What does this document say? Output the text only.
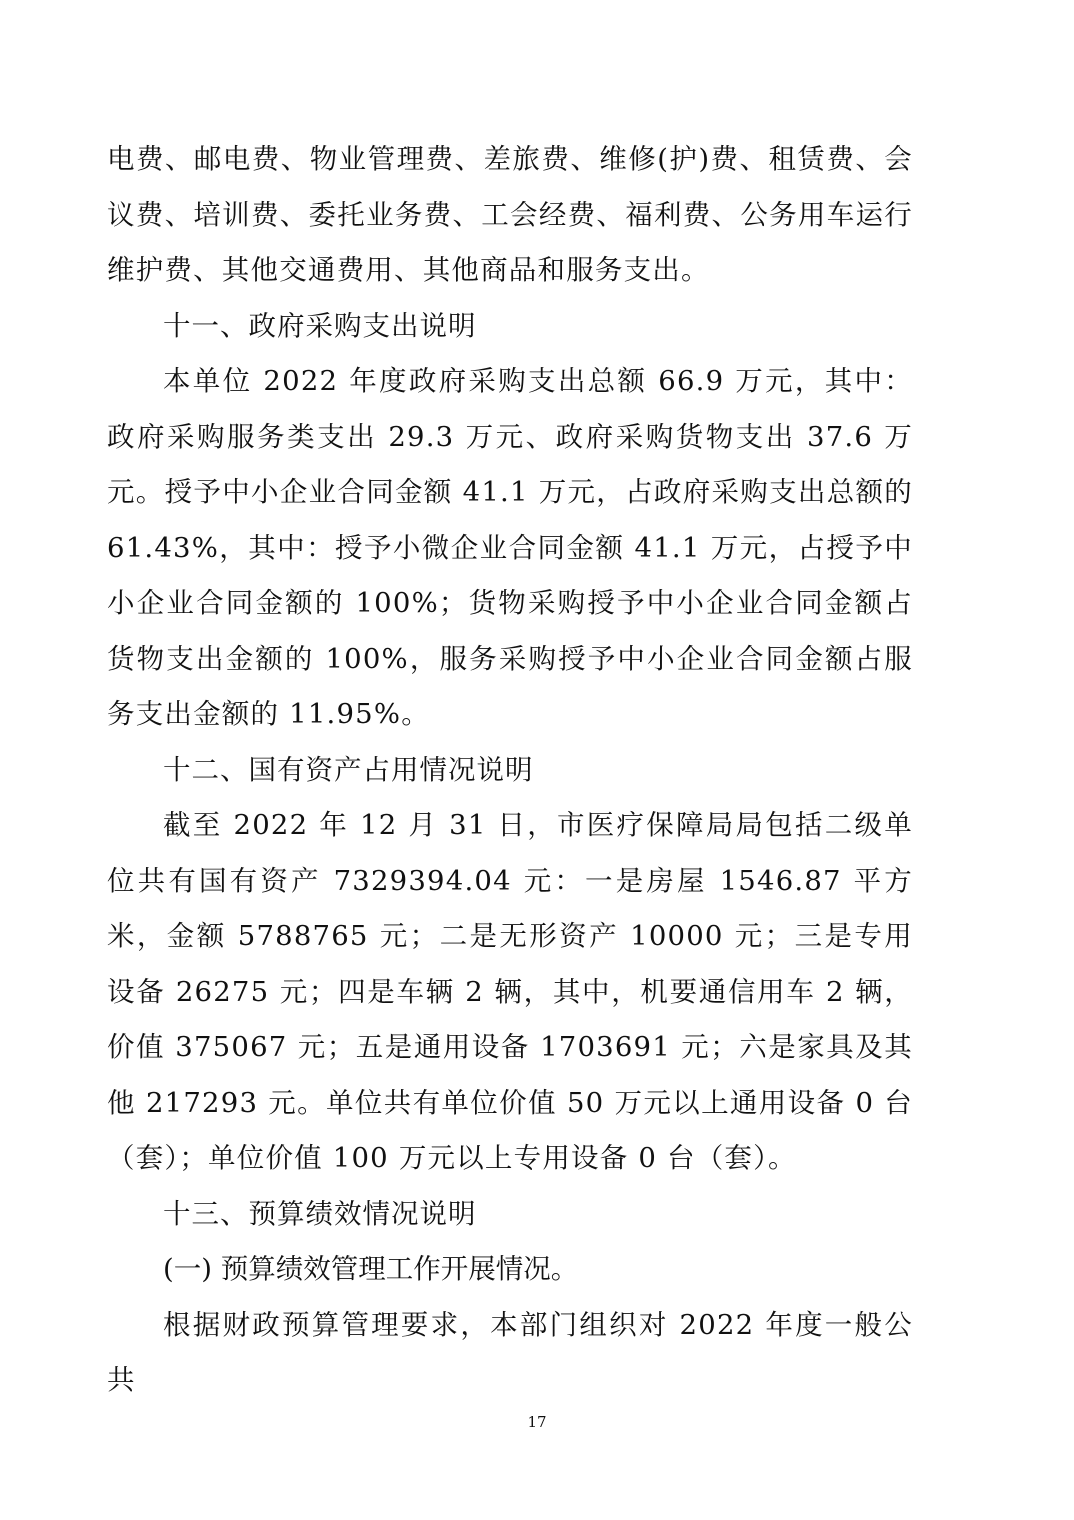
电费、邮电费、物业管理费、差旅费、维修(护)费、租赁费、会议费、培训费、委托业务费、工会经费、福利费、公务用车运行维护费、其他交通费用、其他商品和服务支出。

十一、政府采购支出说明

本单位 2022 年度政府采购支出总额 66.9 万元，其中：政府采购服务类支出 29.3 万元、政府采购货物支出 37.6 万元。授予中小企业合同金额 41.1 万元，占政府采购支出总额的 61.43%，其中：授予小微企业合同金额 41.1 万元，占授予中小企业合同金额的 100%；货物采购授予中小企业合同金额占货物支出金额的 100%，服务采购授予中小企业合同金额占服务支出金额的 11.95%。

十二、国有资产占用情况说明

截至 2022 年 12 月 31 日，市医疗保障局局包括二级单位共有国有资产 7329394.04 元：一是房屋 1546.87 平方米，金额 5788765 元；二是无形资产 10000 元；三是专用设备 26275 元；四是车辆 2 辆，其中，机要通信用车 2 辆，价值 375067 元；五是通用设备 1703691 元；六是家具及其他 217293 元。单位共有单位价值 50 万元以上通用设备 0 台（套）；单位价值 100 万元以上专用设备 0 台（套）。

十三、预算绩效情况说明

(一) 预算绩效管理工作开展情况。

根据财政预算管理要求，本部门组织对 2022 年度一般公共

17
